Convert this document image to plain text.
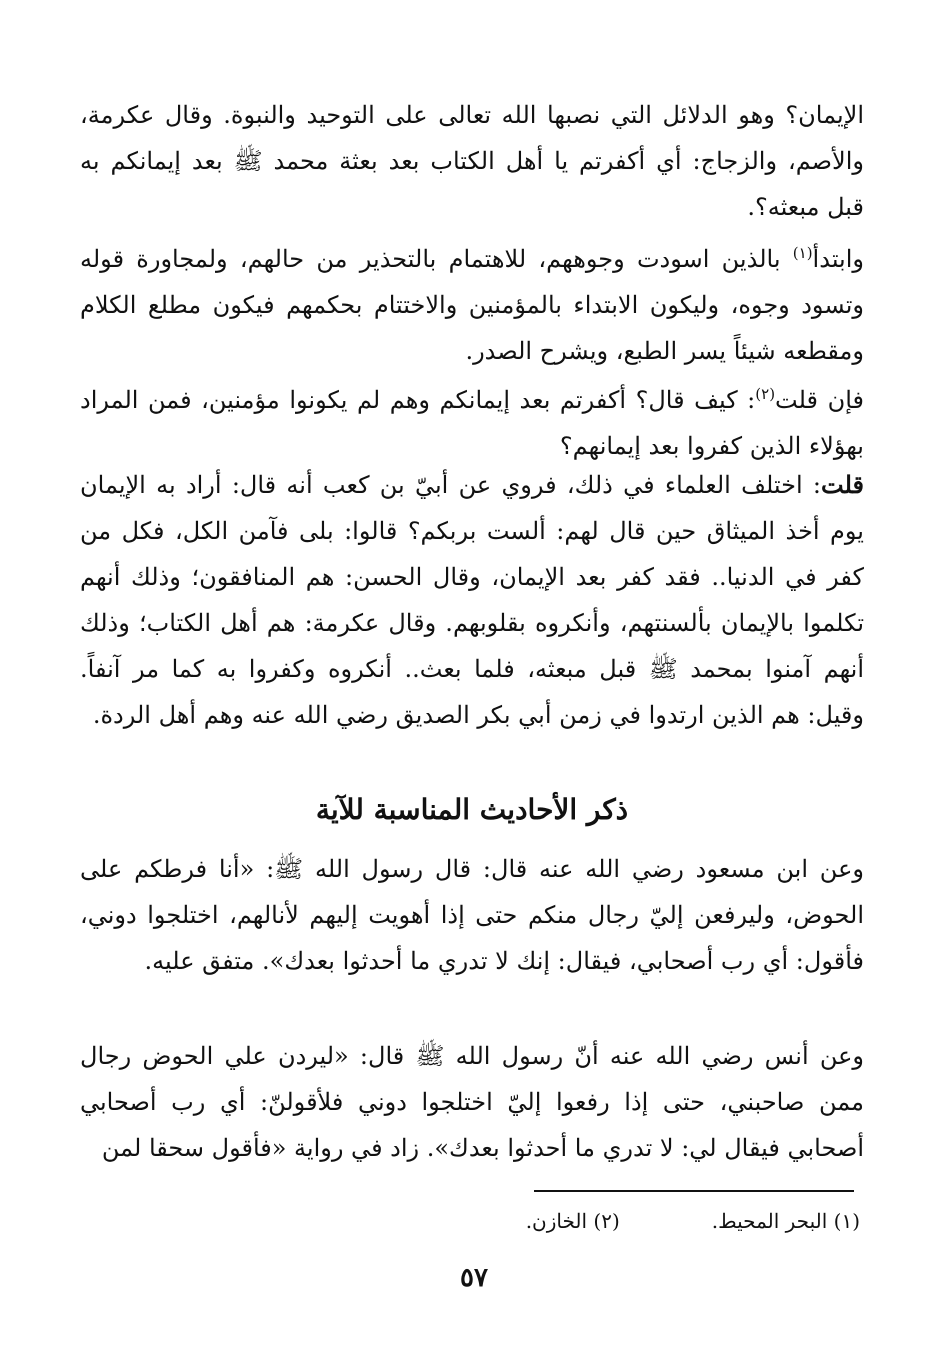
الإيمان؟ وهو الدلائل التي نصبها الله تعالى على التوحيد والنبوة. وقال عكرمة، والأصم، والزجاج: أي أكفرتم يا أهل الكتاب بعد بعثة محمد ﷺ بعد إيمانكم به قبل مبعثه؟.

وابتدأ$^{(١)}$ بالذين اسودت وجوههم، للاهتمام بالتحذير من حالهم، ولمجاورة قوله وتسود وجوه، وليكون الابتداء بالمؤمنين والاختتام بحكمهم فيكون مطلع الكلام ومقطعه شيئاً يسر الطبع، ويشرح الصدر.

فإن قلت$^{(٢)}$: كيف قال؟ أكفرتم بعد إيمانكم وهم لم يكونوا مؤمنين، فمن المراد بهؤلاء الذين كفروا بعد إيمانهم؟

قلت: اختلف العلماء في ذلك، فروي عن أبيّ بن كعب أنه قال: أراد به الإيمان يوم أخذ الميثاق حين قال لهم: ألست بربكم؟ قالوا: بلى فآمن الكل، فكل من كفر في الدنيا.. فقد كفر بعد الإيمان، وقال الحسن: هم المنافقون؛ وذلك أنهم تكلموا بالإيمان بألسنتهم، وأنكروه بقلوبهم. وقال عكرمة: هم أهل الكتاب؛ وذلك أنهم آمنوا بمحمد ﷺ قبل مبعثه، فلما بعث.. أنكروه وكفروا به كما مر آنفاً. وقيل: هم الذين ارتدوا في زمن أبي بكر الصديق رضي الله عنه وهم أهل الردة.

ذكر الأحاديث المناسبة للآية

وعن ابن مسعود رضي الله عنه قال: قال رسول الله ﷺ: «أنا فرطكم على الحوض، وليرفعن إليّ رجال منكم حتى إذا أهويت إليهم لأنالهم، اختلجوا دوني، فأقول: أي رب أصحابي، فيقال: إنك لا تدري ما أحدثوا بعدك». متفق عليه.

وعن أنس رضي الله عنه أنّ رسول الله ﷺ قال: «ليردن علي الحوض رجال ممن صاحبني، حتى إذا رفعوا إليّ اختلجوا دوني فلأقولنّ: أي رب أصحابي أصحابي فيقال لي: لا تدري ما أحدثوا بعدك». زاد في رواية «فأقول سحقا لمن

(١) البحر المحيط.(٢) الخازن.
٥٧
